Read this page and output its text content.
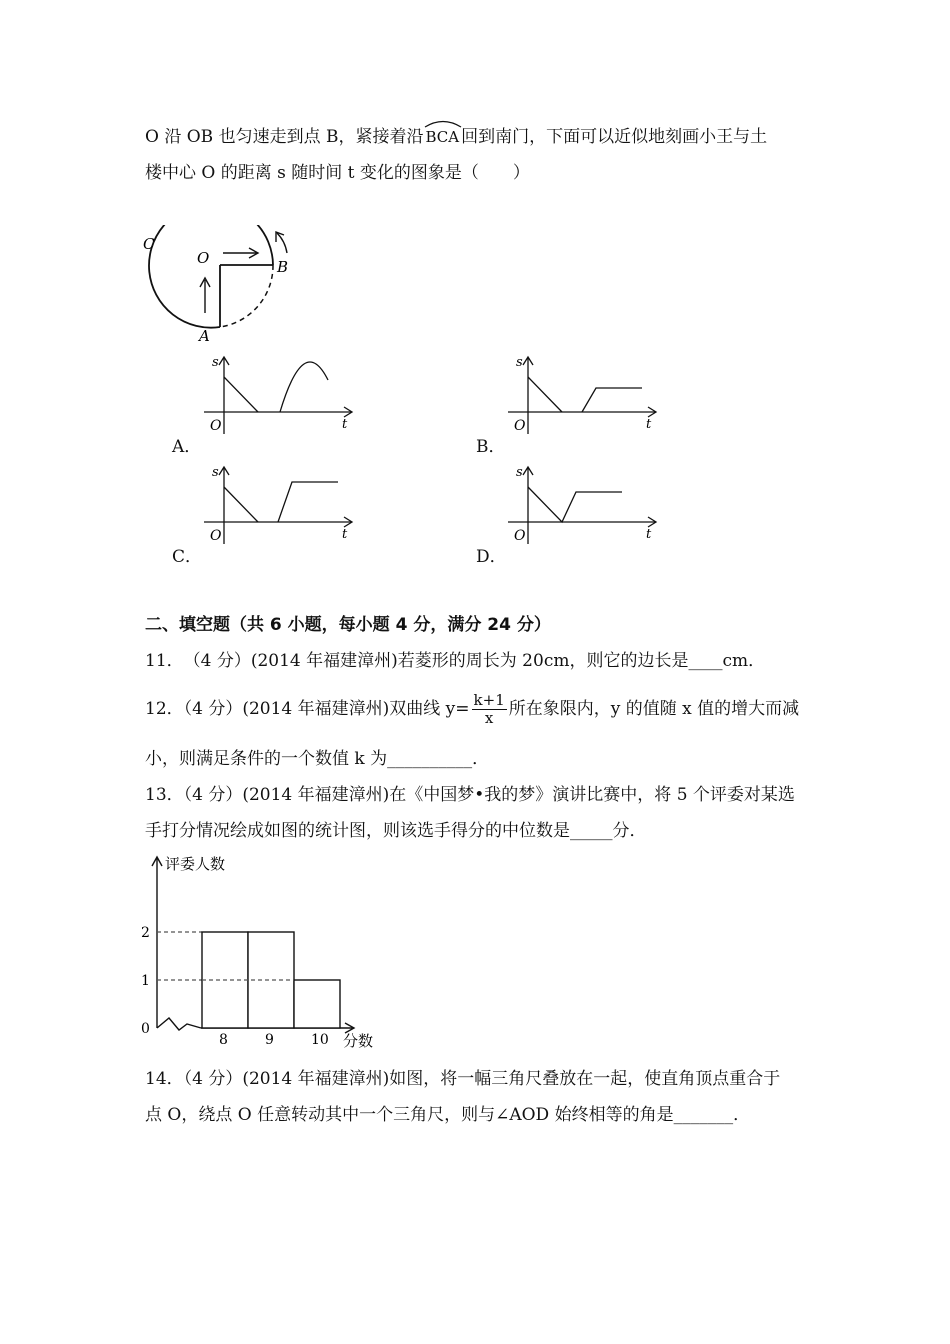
O 沿 OB 也匀速走到点 B，紧接着沿 BCA 回到南门，下面可以近似地刻画小王与土
楼中心 O 的距离 s 随时间 t 变化的图象是（　　）
C
O	B
A
A．
s
t
O
B．
s
t
O
C．
s
t
O
D．
s
t
O
二、填空题（共 6 小题，每小题 4 分，满分 24 分）
11．　（4 分）(2014 年福建漳州)若菱形的周长为 20cm，则它的边长是____cm．
12．（4 分）(2014 年福建漳州)双曲线 $y= \frac{k+1}{x}$ 所在象限内，y 的值随 x 值的增大而减
小，则满足条件的一个数值 k 为__________．
13．（4 分）(2014 年福建漳州)在《中国梦•我的梦》演讲比赛中，将 5 个评委对某选
手打分情况绘成如图的统计图，则该选手得分的中位数是_____分．
评委人数
分数
0
1
2
8	9	10
14．（4 分）(2014 年福建漳州)如图，将一幅三角尺叠放在一起，使直角顶点重合于
点 O，绕点 O 任意转动其中一个三角尺，则与∠AOD 始终相等的角是_______．
